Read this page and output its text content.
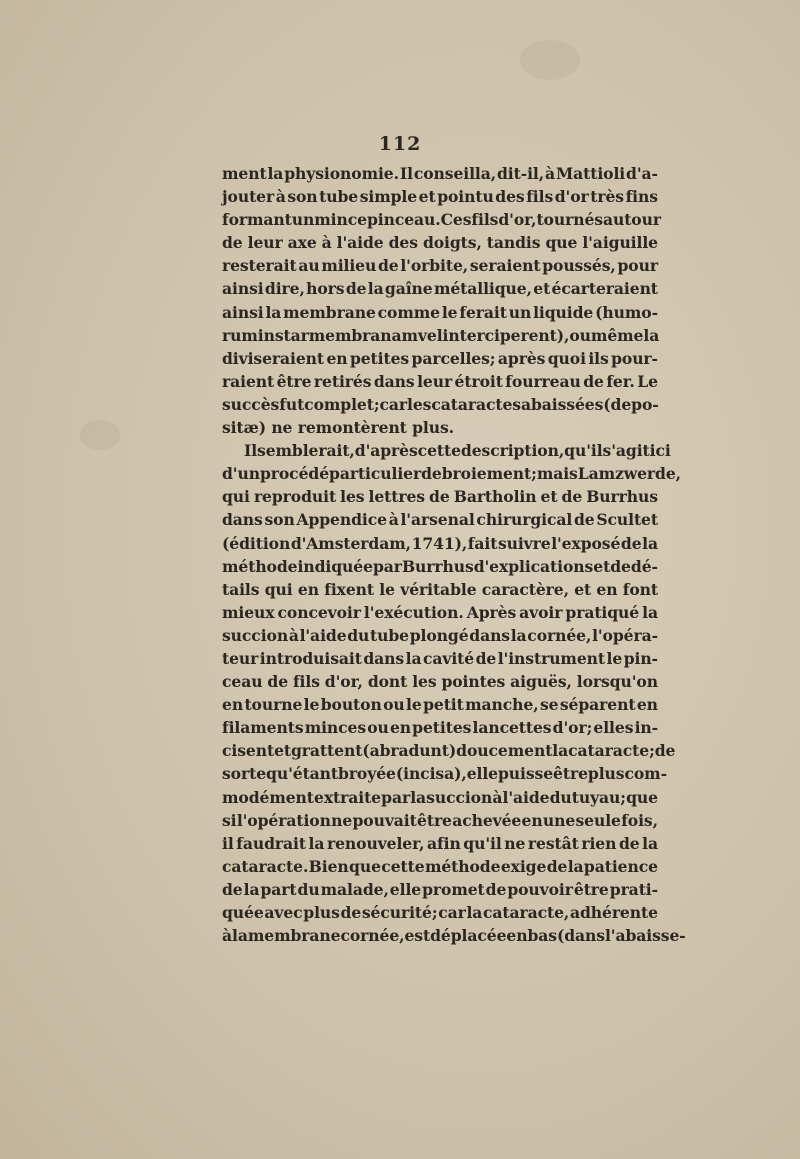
112
ment la physionomie. Il conseilla, dit-il, à Mattioli d'a-
jouter à son tube simple et pointu des fils d'or très fins
formant un mince pinceau. Ces fils d'or, tournés autour
de leur axe à l'aide des doigts, tandis que l'aiguille
resterait au milieu de l'orbite, seraient poussés, pour
ainsi dire, hors de la gaîne métallique, et écarteraient
ainsi la membrane comme le ferait un liquide (humo-
rum instar membranam vel interciperent), ou même la
diviseraient en petites parcelles; après quoi ils pour-
raient être retirés dans leur étroit fourreau de fer. Le
succès fut complet; car les cataractes abaissées (depo-
sitæ) ne remontèrent plus.
Il semblerait, d'après cette description, qu'il s'agit ici
d'un procédé particulier de broiement; mais Lamzwerde,
qui reproduit les lettres de Bartholin et de Burrhus
dans son Appendice à l'arsenal chirurgical de Scultet
(édition d'Amsterdam, 1741), fait suivre l'exposé de la
méthode indiquée par Burrhus d'explications et de dé-
tails qui en fixent le véritable caractère, et en font
mieux concevoir l'exécution. Après avoir pratiqué la
succion à l'aide du tube plongé dans la cornée, l'opéra-
teur introduisait dans la cavité de l'instrument le pin-
ceau de fils d'or, dont les pointes aiguës, lorsqu'on
en tourne le bouton ou le petit manche, se séparent en
filaments minces ou en petites lancettes d'or; elles in-
cisent et grattent (abradunt) doucement la cataracte; de
sorte qu'étant broyée (incisa), elle puisse être plus com-
modément extraite par la succion à l'aide du tuyau; que
si l'opération ne pouvait être achevée en une seule fois,
il faudrait la renouveler, afin qu'il ne restât rien de la
cataracte. Bien que cette méthode exige de la patience
de la part du malade, elle promet de pouvoir être prati-
quée avec plus de sécurité; car la cataracte, adhérente
à la membrane cornée, est déplacée en bas (dans l'abaisse-
